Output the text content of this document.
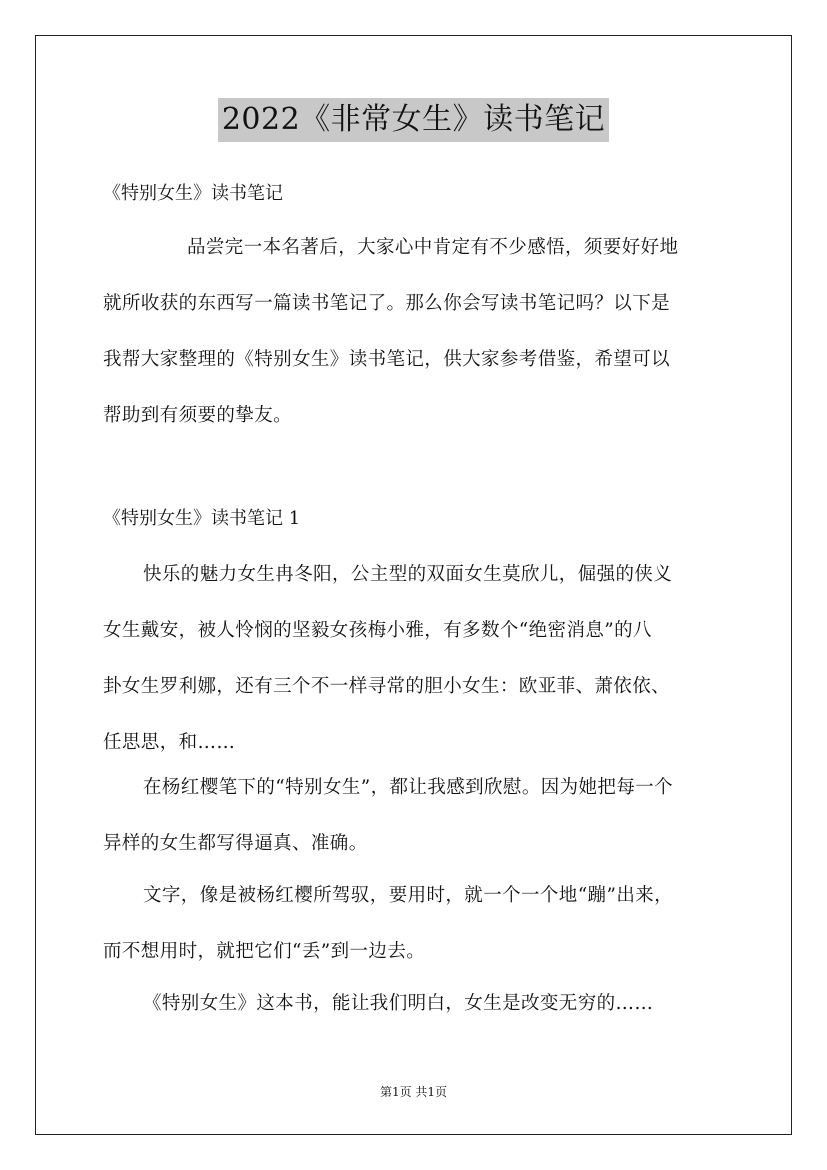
2022《非常女生》读书笔记
《特别女生》读书笔记
品尝完一本名著后，大家心中肯定有不少感悟，须要好好地
就所收获的东西写一篇读书笔记了。那么你会写读书笔记吗？以下是
我帮大家整理的《特别女生》读书笔记，供大家参考借鉴，希望可以
帮助到有须要的挚友。
《特别女生》读书笔记 1
快乐的魅力女生冉冬阳，公主型的双面女生莫欣儿，倔强的侠义
女生戴安，被人怜悯的坚毅女孩梅小雅，有多数个“绝密消息”的八
卦女生罗利娜，还有三个不一样寻常的胆小女生：欧亚菲、萧依依、
任思思，和……
在杨红樱笔下的“特别女生”，都让我感到欣慰。因为她把每一个
异样的女生都写得逼真、准确。
文字，像是被杨红樱所驾驭，要用时，就一个一个地“蹦”出来，
而不想用时，就把它们“丢”到一边去。
《特别女生》这本书，能让我们明白，女生是改变无穷的……
第1页 共1页
